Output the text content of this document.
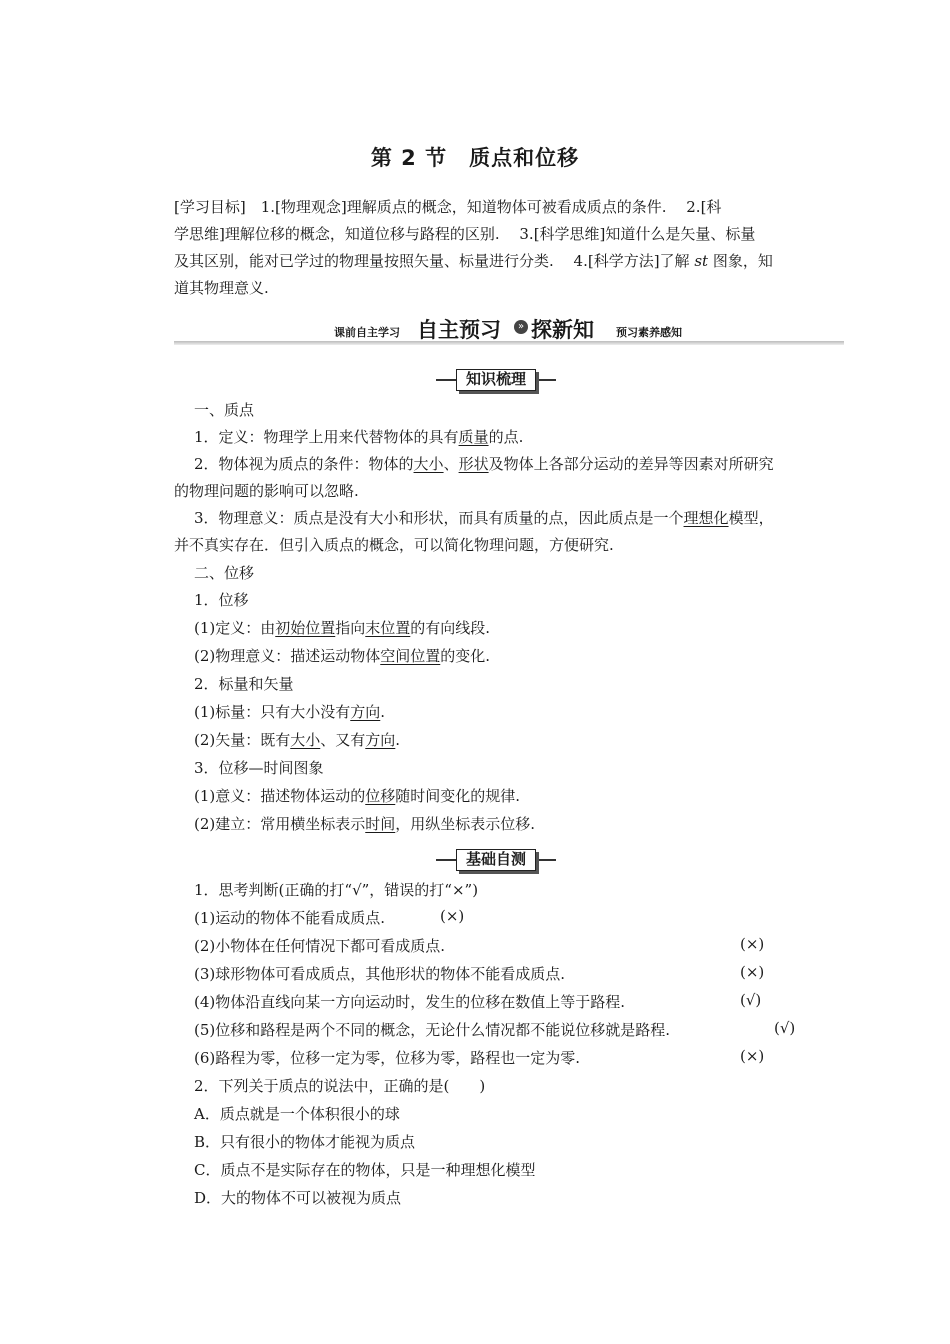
第 2 节　质点和位移
[学习目标]　1.[物理观念]理解质点的概念，知道物体可被看成质点的条件.　 2.[科
学思维]理解位移的概念，知道位移与路程的区别.　 3.[科学思维]知道什么是矢量、标量
及其区别，能对已学过的物理量按照矢量、标量进行分类.　 4.[科学方法]了解 st 图象，知
道其物理意义.
课前自主学习 自主预习	» 探新知 预习素养感知
知识梳理
一、质点
1．定义：物理学上用来代替物体的具有质量的点.
2．物体视为质点的条件：物体的大小、形状及物体上各部分运动的差异等因素对所研究
的物理问题的影响可以忽略.
3．物理意义：质点是没有大小和形状，而具有质量的点，因此质点是一个理想化模型，
并不真实存在．但引入质点的概念，可以简化物理问题，方便研究.
二、位移
1．位移
(1)定义：由初始位置指向末位置的有向线段.
(2)物理意义：描述运动物体空间位置的变化.
2．标量和矢量
(1)标量：只有大小没有方向.
(2)矢量：既有大小、又有方向.
3．位移—时间图象
(1)意义：描述物体运动的位移随时间变化的规律.
(2)建立：常用横坐标表示时间，用纵坐标表示位移.
基础自测
1．思考判断(正确的打“√”，错误的打“×”)
(1)运动的物体不能看成质点.	(×)
(2)小物体在任何情况下都可看成质点.	(×)
(3)球形物体可看成质点，其他形状的物体不能看成质点.	(×)
(4)物体沿直线向某一方向运动时，发生的位移在数值上等于路程.	(√)
(5)位移和路程是两个不同的概念，无论什么情况都不能说位移就是路程.	(√)
(6)路程为零，位移一定为零，位移为零，路程也一定为零.	(×)
2．下列关于质点的说法中，正确的是(　　)
A．质点就是一个体积很小的球
B．只有很小的物体才能视为质点
C．质点不是实际存在的物体，只是一种理想化模型
D．大的物体不可以被视为质点
